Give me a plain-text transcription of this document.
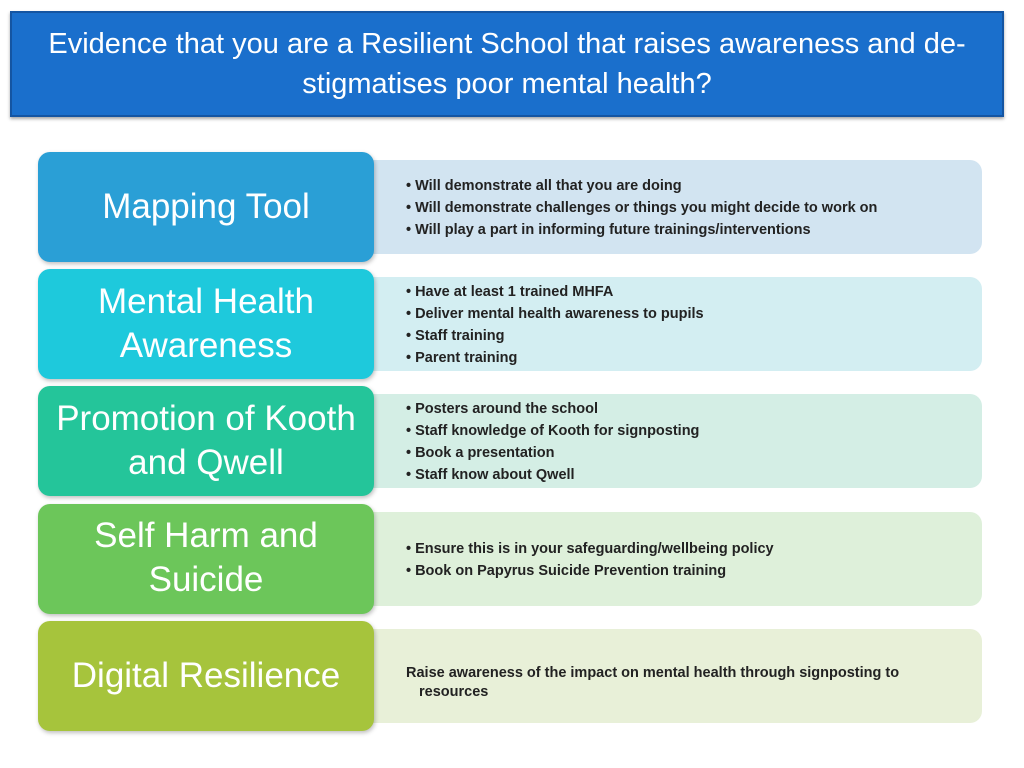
Evidence that you are a Resilient School that raises awareness and de-stigmatises poor mental health?
• Will demonstrate all that you are doing
• Will demonstrate challenges or things you might decide to work on
• Will play a part in informing future trainings/interventions
Mapping Tool
• Have at least 1 trained MHFA
• Deliver mental health awareness to pupils
• Staff training
• Parent training
Mental Health Awareness
• Posters around the school
• Staff knowledge of Kooth for signposting
• Book a presentation
• Staff know about Qwell
Promotion of Kooth and Qwell
• Ensure this is in your safeguarding/wellbeing policy
• Book on Papyrus Suicide Prevention training
Self Harm and Suicide
Raise awareness of the impact on mental health through signposting to
resources
Digital Resilience
